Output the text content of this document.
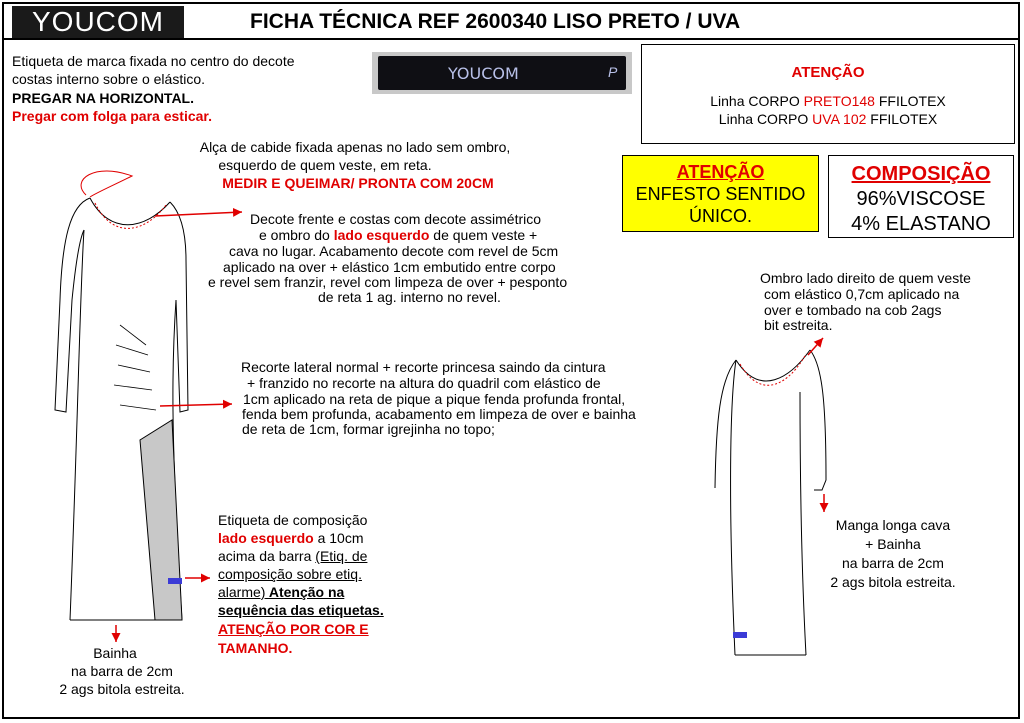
YOUCOM	FICHA TÉCNICA REF 2600340 LISO PRETO / UVA
Etiqueta de marca fixada no centro do decote
costas interno sobre o elástico.
PREGAR NA HORIZONTAL.
Pregar com folga para esticar.
YOUCOM	P	ATENÇÃO
Linha CORPO PRETO148 FFILOTEX
Linha CORPO UVA 102 FFILOTEX
ATENÇÃO
ENFESTO SENTIDO
ÚNICO.
COMPOSIÇÃO
96%VISCOSE
4% ELASTANO
Alça de cabide fixada apenas no lado sem ombro,
esquerdo de quem veste, em reta.
MEDIR E QUEIMAR/ PRONTA COM 20CM
Decote frente e costas com decote assimétrico
e ombro do lado esquerdo de quem veste +
cava no lugar. Acabamento decote com revel de 5cm
aplicado na over + elástico 1cm embutido entre corpo
e revel sem franzir, revel com limpeza de over + pesponto
de reta 1 ag. interno no revel.
Ombro lado direito de quem veste
com elástico 0,7cm aplicado na
over e tombado na cob 2ags
bit estreita.
Recorte lateral normal + recorte princesa saindo da cintura
+ franzido no recorte na altura do quadril com elástico de
1cm aplicado na reta de pique a pique fenda profunda frontal,
fenda bem profunda, acabamento em limpeza de over e bainha
de reta de 1cm, formar igrejinha no topo;
Etiqueta de composição
lado esquerdo a 10cm
acima da barra (Etiq. de
composição sobre etiq.
alarme) Atenção na
sequência das etiquetas.
ATENÇÃO POR COR E
TAMANHO.
Bainha
na barra de 2cm
2 ags bitola estreita.
Manga longa cava
+ Bainha
na barra de 2cm
2 ags bitola estreita.
